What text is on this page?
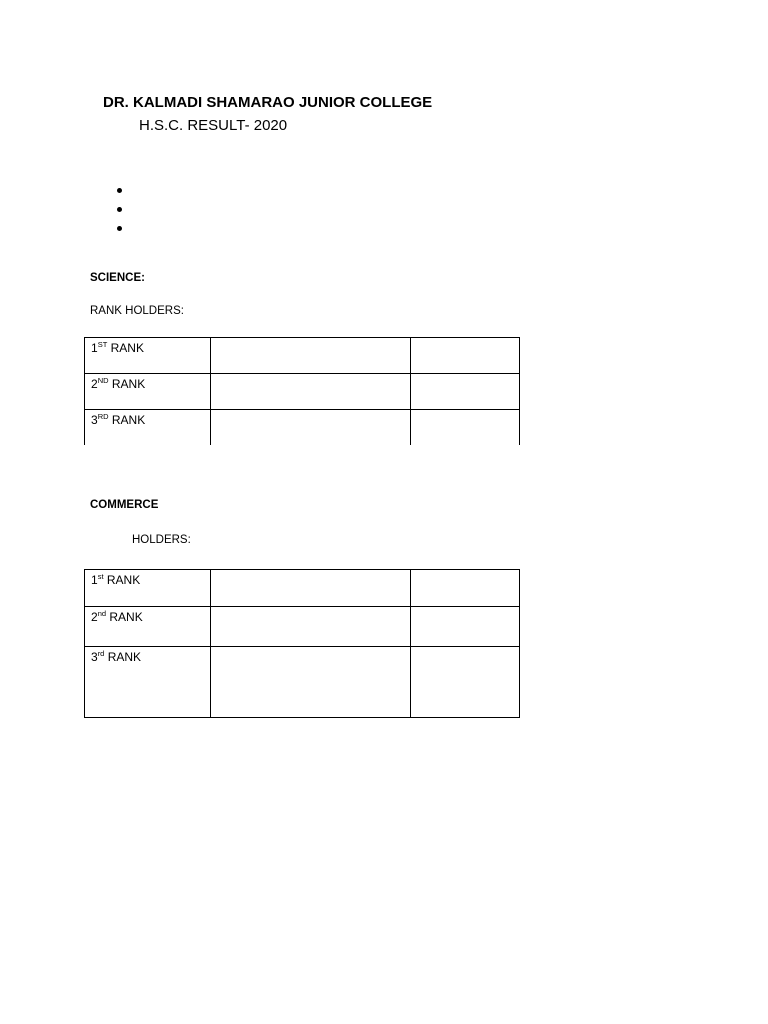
DR. KALMADI SHAMARAO JUNIOR COLLEGE
H.S.C. RESULT- 2020
SCIENCE:
RANK HOLDERS:
1ST RANK		
2ND RANK		
3RD RANK		
COMMERCE
HOLDERS:
1st RANK		
2nd RANK		
3rd RANK		
